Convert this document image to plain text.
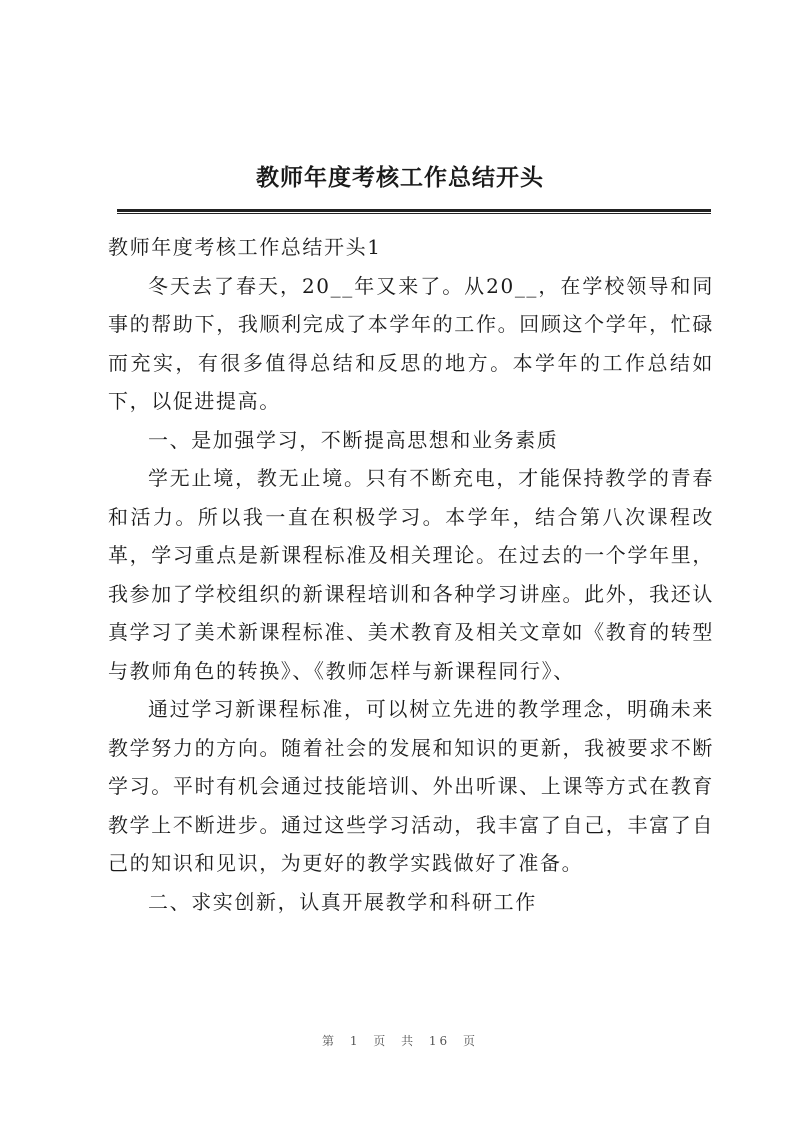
教师年度考核工作总结开头

教师年度考核工作总结开头1

冬天去了春天，20__年又来了。从20__，在学校领导和同事的帮助下，我顺利完成了本学年的工作。回顾这个学年，忙碌而充实，有很多值得总结和反思的地方。本学年的工作总结如下，以促进提高。

一、是加强学习，不断提高思想和业务素质

学无止境，教无止境。只有不断充电，才能保持教学的青春和活力。所以我一直在积极学习。本学年，结合第八次课程改革，学习重点是新课程标准及相关理论。在过去的一个学年里，我参加了学校组织的新课程培训和各种学习讲座。此外，我还认真学习了美术新课程标准、美术教育及相关文章如《教育的转型与教师角色的转换》、《教师怎样与新课程同行》、

通过学习新课程标准，可以树立先进的教学理念，明确未来教学努力的方向。随着社会的发展和知识的更新，我被要求不断学习。平时有机会通过技能培训、外出听课、上课等方式在教育教学上不断进步。通过这些学习活动，我丰富了自己，丰富了自己的知识和见识，为更好的教学实践做好了准备。

二、求实创新，认真开展教学和科研工作

第 1 页 共 16 页
